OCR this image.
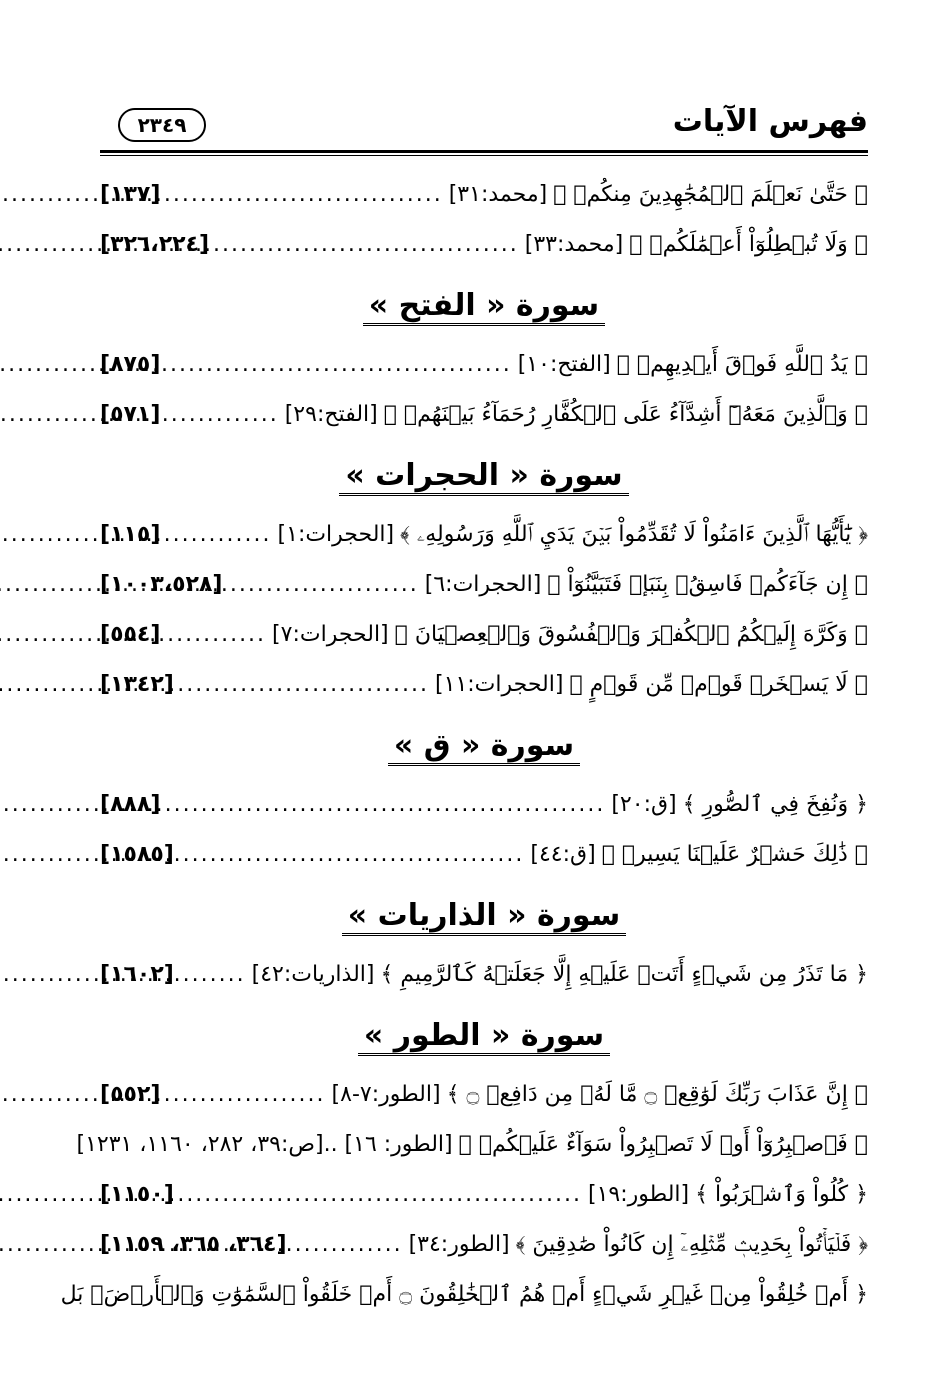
فهرس الآيات
٢٣٤٩
﴿ حَتَّىٰ نَعۡلَمَ ٱلۡمُجَٰهِدِينَ مِنكُمۡ ﴾
[محمد:٣١]
.....
[١٣٧]
﴿ وَلَا تُبۡطِلُوٓاْ أَعۡمَٰلَكُمۡ ﴾
[محمد:٣٣]
.....
[٣٢٦،٢٢٤]
سورة « الفتح »
﴿ يَدُ ٱللَّهِ فَوۡقَ أَيۡدِيهِمۡ ﴾
[الفتح:١٠]
.....
[٨٧٥]
﴿ وَٱلَّذِينَ مَعَهُۥٓ أَشِدَّآءُ عَلَى ٱلۡكُفَّارِ رُحَمَآءُ بَيۡنَهُمۡ ﴾
[الفتح:٢٩]
.....
[٥٧١]
سورة « الحجرات »
﴿ يَٰٓأَيُّهَا ٱلَّذِينَ ءَامَنُواْ لَا تُقَدِّمُواْ بَيۡنَ يَدَيِ ٱللَّهِ وَرَسُولِهِۦ ﴾
[الحجرات:١]
.....
[١١٥]
﴿ إِن جَآءَكُمۡ فَاسِقُۢ بِنَبَإٖ فَتَبَيَّنُوٓاْ ﴾
[الحجرات:٦]
.....
[١٠٠٣،٥٢٨]
﴿ وَكَرَّهَ إِلَيۡكُمُ ٱلۡكُفۡرَ وَٱلۡفُسُوقَ وَٱلۡعِصۡيَانَ ﴾
[الحجرات:٧]
.....
[٥٥٤]
﴿ لَا يَسۡخَرۡ قَوۡمٞ مِّن قَوۡمٍ ﴾
[الحجرات:١١]
.....
[١٣٤٢]
سورة « ق »
﴿ وَنُفِخَ فِي ٱلصُّورِ ﴾
[ق:٢٠]
.....
[٨٨٨]
﴿ ذَٰلِكَ حَشۡرٌ عَلَيۡنَا يَسِيرٞ ﴾
[ق:٤٤]
.....
[١٥٨٥]
سورة « الذاريات »
﴿ مَا تَذَرُ مِن شَيۡءٍ أَتَتۡ عَلَيۡهِ إِلَّا جَعَلَتۡهُ كَٱلرَّمِيمِ ﴾
[الذاريات:٤٢]
.....
[١٦٠٢]
سورة « الطور »
﴿ إِنَّ عَذَابَ رَبِّكَ لَوَٰقِعٞ ۝ مَّا لَهُۥ مِن دَافِعٖ ۝ ﴾
[الطور:٧-٨]
.....
[٥٥٢]
﴿ فَٱصۡبِرُوٓاْ أَوۡ لَا تَصۡبِرُواْ سَوَآءٌ عَلَيۡكُمۡ ﴾
[الطور: ١٦] ..[ص:٣٩، ٢٨٢، ١١٦٠، ١٢٣١]
﴿ كُلُواْ وَٱشۡرَبُواْ ﴾
[الطور:١٩]
.....
[١١٥٠]
﴿ فَلۡيَأۡتُواْ بِحَدِيثٖ مِّثۡلِهِۦٓ إِن كَانُواْ صَٰدِقِينَ ﴾
[الطور:٣٤]
.....
[٣٦٤، ٣٦٥، ١١٥٩]
﴿ أَمۡ خُلِقُواْ مِنۡ غَيۡرِ شَيۡءٍ أَمۡ هُمُ ٱلۡخَٰلِقُونَ ۝ أَمۡ خَلَقُواْ ٱلسَّمَٰوَٰتِ وَٱلۡأَرۡضَۚ بَل
